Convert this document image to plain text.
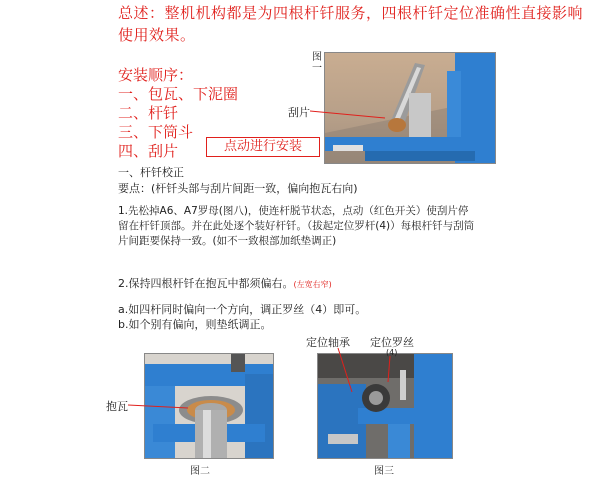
总述：整机机构都是为四根杆钎服务，四根杆钎定位准确性直接影响使用效果。
安装顺序：
一、包瓦、下泥圈
二、杆钎
三、下筒斗
四、刮片	点动进行安装
一、杆钎校正
要点：(杆钎头部与刮片间距一致，偏向抱瓦右向)
1.先松掉A6、A7罗母(图八)，使连杆脱节状态，点动（红色开关）使刮片停留在杆钎顶部。并在此处逐个装好杆钎。（拔起定位罗杆(4)）每根杆钎与刮筒片间距要保持一致。(如不一致根部加纸垫调正)
2.保持四根杆钎在抱瓦中都须偏右。(左宽右窄)
a.如四杆同时偏向一个方向，调正罗丝（4）即可。
b.如个别有偏向，则垫纸调正。
图一
刮片
抱瓦
图二
定位轴承 定位罗丝
(4)
图三
